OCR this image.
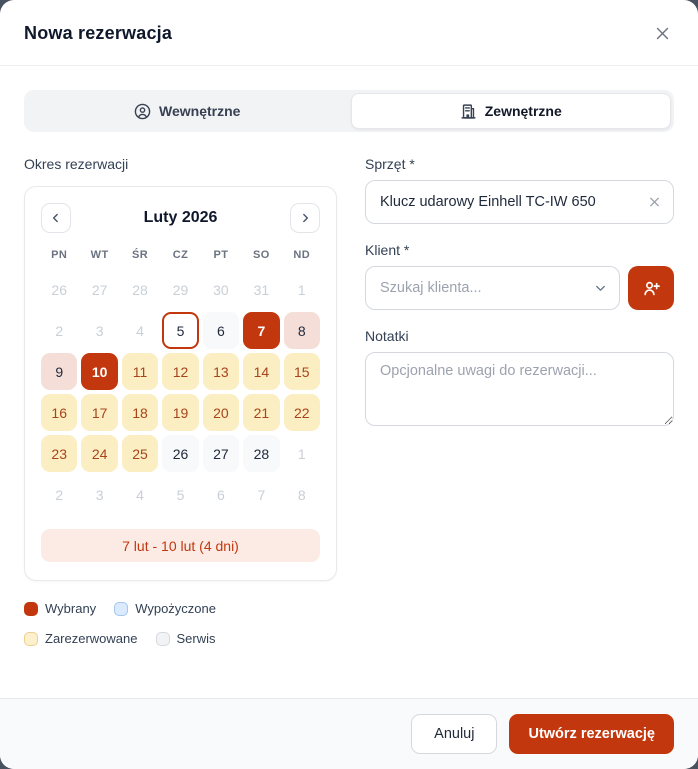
Nowa rezerwacja
Wewnętrzne	Zewnętrzne
Okres rezerwacji
Luty 2026
PN	WT	ŚR	CZ	PT	SO	ND
26	27	28	29	30	31	1
2	3	4	5	6	7	8
9	10	11	12	13	14	15
16	17	18	19	20	21	22
23	24	25	26	27	28	1
2	3	4	5	6	7	8
7 lut - 10 lut (4 dni)
Wybrany	Wypożyczone
Zarezerwowane	Serwis
Sprzęt *
Klucz udarowy Einhell TC-IW 650
Klient *
Szukaj klienta...
Notatki
Opcjonalne uwagi do rezerwacji...
Anuluj	Utwórz rezerwację
